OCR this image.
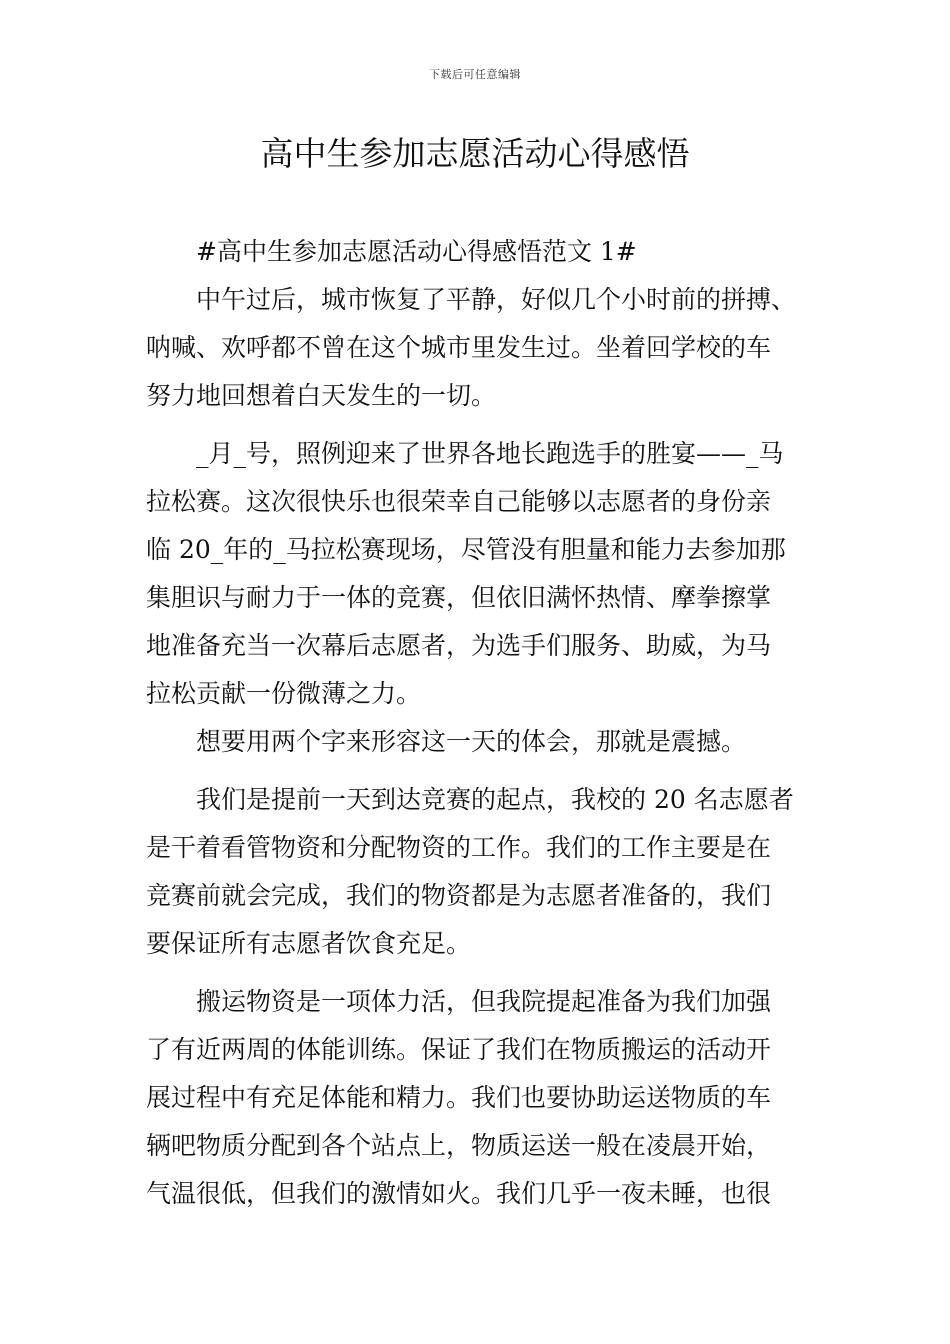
下载后可任意编辑
高中生参加志愿活动心得感悟
#高中生参加志愿活动心得感悟范文 1#
中午过后，城市恢复了平静，好似几个小时前的拼搏、
呐喊、欢呼都不曾在这个城市里发生过。坐着回学校的车
努力地回想着白天发生的一切。
_月_号，照例迎来了世界各地长跑选手的胜宴——_马
拉松赛。这次很快乐也很荣幸自己能够以志愿者的身份亲
临 20_年的_马拉松赛现场，尽管没有胆量和能力去参加那
集胆识与耐力于一体的竞赛，但依旧满怀热情、摩拳擦掌
地准备充当一次幕后志愿者，为选手们服务、助威，为马
拉松贡献一份微薄之力。
想要用两个字来形容这一天的体会，那就是震撼。
我们是提前一天到达竞赛的起点，我校的 20 名志愿者
是干着看管物资和分配物资的工作。我们的工作主要是在
竞赛前就会完成，我们的物资都是为志愿者准备的，我们
要保证所有志愿者饮食充足。
搬运物资是一项体力活，但我院提起准备为我们加强
了有近两周的体能训练。保证了我们在物质搬运的活动开
展过程中有充足体能和精力。我们也要协助运送物质的车
辆吧物质分配到各个站点上，物质运送一般在凌晨开始，
气温很低，但我们的激情如火。我们几乎一夜未睡，也很
